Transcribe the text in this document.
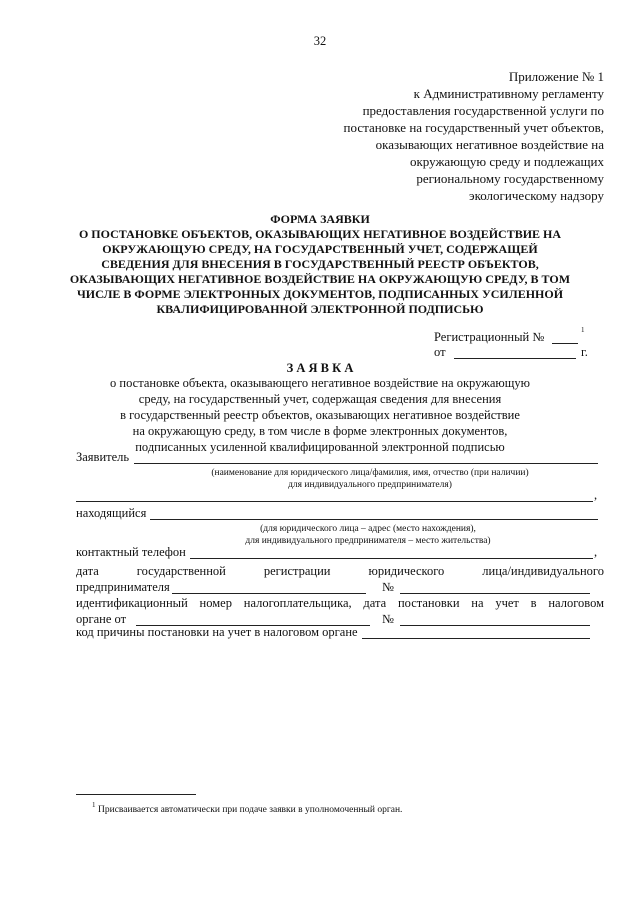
32
Приложение № 1
к Административному регламенту
предоставления государственной услуги по
постановке на государственный учет объектов,
оказывающих негативное воздействие на
окружающую среду и подлежащих
региональному государственному
экологическому надзору
ФОРМА ЗАЯВКИ
О ПОСТАНОВКЕ ОБЪЕКТОВ, ОКАЗЫВАЮЩИХ НЕГАТИВНОЕ ВОЗДЕЙСТВИЕ НА
ОКРУЖАЮЩУЮ СРЕДУ, НА ГОСУДАРСТВЕННЫЙ УЧЕТ, СОДЕРЖАЩЕЙ
СВЕДЕНИЯ ДЛЯ ВНЕСЕНИЯ В ГОСУДАРСТВЕННЫЙ РЕЕСТР ОБЪЕКТОВ,
ОКАЗЫВАЮЩИХ НЕГАТИВНОЕ ВОЗДЕЙСТВИЕ НА ОКРУЖАЮЩУЮ СРЕДУ, В ТОМ
ЧИСЛЕ В ФОРМЕ ЭЛЕКТРОННЫХ ДОКУМЕНТОВ, ПОДПИСАННЫХ УСИЛЕННОЙ
КВАЛИФИЦИРОВАННОЙ ЭЛЕКТРОННОЙ ПОДПИСЬЮ
Регистрационный №	1
от	г.
З А Я В К А
о постановке объекта, оказывающего негативное воздействие на окружающую
среду, на государственный учет, содержащая сведения для внесения
в государственный реестр объектов, оказывающих негативное воздействие
на окружающую среду, в том числе в форме электронных документов,
подписанных усиленной квалифицированной электронной подписью
Заявитель
(наименование для юридического лица/фамилия, имя, отчество (при наличии)
для индивидуального предпринимателя)
,
находящийся
(для юридического лица – адрес (место нахождения),
для индивидуального предпринимателя – место жительства)
контактный телефон	,
дата	государственной	регистрации	юридического	лица/индивидуального
предпринимателя	№
идентификационный номер налогоплательщика, дата постановки на учет в налоговом
органе от	№
код причины постановки на учет в налоговом органе
1 Присваивается автоматически при подаче заявки в уполномоченный орган.
